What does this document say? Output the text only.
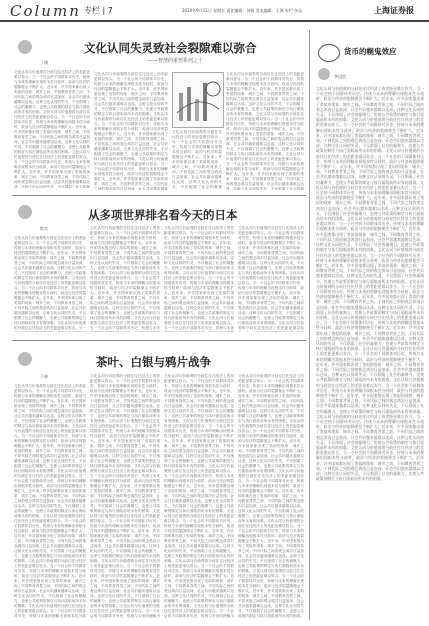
Column 专栏 | 7	2020年9月11日 星期五 责任编辑：刘杨 美术编辑：王鸿 专栏·杂谈	上海证券报
文化认同失灵致社会裂隙难以弥合
——智慧的重塑系列之十
丁刚
文化认同与价值观的分歧往往比经济上的差距更难以弥合。当一个社会的不同群体对历史、传统与未来的理解出现根本性分歧时，政治与经济的裂隙便会不断扩大。近年来，许多国家都出现了类似的现象：城乡之间、不同教育背景之间、不同代际之间的观念鸿沟日益加深，社会共识越来越难以达成。这种文化认同的失灵，不仅削弱了社会的凝聚力，也使公共政策的制定与执行面临前所未有的困难。文化认同与价值观的分歧往往比经济上的差距更难以弥合。当一个社会的不同群体对历史、传统与未来的理解出现根本性分歧时，政治与经济的裂隙便会不断扩大。近年来，许多国家都出现了类似的现象：城乡之间、不同教育背景之间、不同代际之间的观念鸿沟日益加深，社会共识越来越难以达成。这种文化认同的失灵，不仅削弱了社会的凝聚力，也使公共政策的制定与执行面临前所未有的困难。文化认同与价值观的分歧往往比经济上的差距更难以弥合。当一个社会的不同群体对历史、传统与未来的理解出现根本性分歧时，政治与经济的裂隙便会不断扩大。近年来，许多国家都出现了类似的现象：城乡之间、不同教育背景之间、不同代际之间的观念鸿沟日益加深，社会共识越来越难以达成。这种文化认同的失灵，不仅削弱了社会的凝
文化认同与价值观的分歧往往比经济上的差距更难以弥合。当一个社会的不同群体对历史、传统与未来的理解出现根本性分歧时，政治与经济的裂隙便会不断扩大。近年来，许多国家都出现了类似的现象：城乡之间、不同教育背景之间、不同代际之间的观念鸿沟日益加深，社会共识越来越难以达成。这种文化认同的失灵，不仅削弱了社会的凝聚力，也使公共政策的制定与执行面临前所未有的困难。文化认同与价值观的分歧往往比经济上的差距更难以弥合。当一个社会的不同群体对历史、传统与未来的理解出现根本性分歧时，政治与经济的裂隙便会不断扩大。近年来，许多国家都出现了类似的现象：城乡之间、不同教育背景之间、不同代际之间的观念鸿沟日益加深，社会共识越来越难以达成。这种文化认同的失灵，不仅削弱了社会的凝聚力，也使公共政策的制定与执行面临前所未有的困难。文化认同与价值观的分歧往往比经济上的差距更难以弥合。当一个社会的不同群体对历史、传统与未来的理解出现根本性分歧时，政治与经济的裂隙便会不断扩大。近年来，许多国家都出现了类似的现象：城乡之间、不同教育背景之间、不同代际之间的观念鸿沟日益加深，社会共识越来越难
文化认同与价值观的分歧往往比经济上的差距更难以弥合。当一个社会的不同群体对历史、传统与未来的理解出现根本性分歧时，政治与经济的裂隙便会不断扩大。近年来，许多国家都出现了类似的现象：城乡之间、不同教育背景之间、不同代际之间的观念鸿沟日益加深，社会共识越来越难以达成。这种文化认同的失灵，不仅削弱了社会的凝聚
文化认同与价值观的分歧往往比经济上的差距更难以弥合。当一个社会的不同群体对历史、传统与未来的理解出现根本性分歧时，政治与经济的裂隙便会不断扩大。近年来，许多国家都出现了类似的现象：城乡之间、不同教育背景之间、不同代际之间的观念鸿沟日益加深，社会共识越来越难以达成。这种文化认同的失灵，不仅削弱了社会的凝聚力，也使公共政策的制定与执行面临前所未有的困难。文化认同与价值观的分歧往往比经济上的差距更难以弥合。当一个社会的不同群体对历史、传统与未来的理解出现根本性分歧时，政治与经济的裂隙便会不断扩大。近年来，许多国家都出现了类似的现象：城乡之间、不同教育背景之间、不同代际之间的观念鸿沟日益加深，社会共识越来越难以达成。这种文化认同的失灵，不仅削弱了社会的凝聚力，也使公共政策的制定与执行面临前所未有的困难。文化认同与价值观的分歧往往比经济上的差距更难以弥合。当一个社会的不同群体对历史、传统与未来的理解出现根本性分歧时，政治与经济的裂隙便会不断扩大。近年来，许多国家都出现了类似的现象：城乡之间、不同教育背景之间、不同代际之间的观念鸿沟日益加深，社会共识越来越难以达成。这种文化认同的失灵，不仅削弱了社会的凝
从多项世界排名看今天的日本
程实
文化认同与价值观的分歧往往比经济上的差距更难以弥合。当一个社会的不同群体对历史、传统与未来的理解出现根本性分歧时，政治与经济的裂隙便会不断扩大。近年来，许多国家都出现了类似的现象：城乡之间、不同教育背景之间、不同代际之间的观念鸿沟日益加深，社会共识越来越难以达成。这种文化认同的失灵，不仅削弱了社会的凝聚力，也使公共政策的制定与执行面临前所未有的困难。文化认同与价值观的分歧往往比经济上的差距更难以弥合。当一个社会的不同群体对历史、传统与未来的理解出现根本性分歧时，政治与经济的裂隙便会不断扩大。近年来，许多国家都出现了类似的现象：城乡之间、不同教育背景之间、不同代际之间的观念鸿沟日益加深，社会共识越来越难以达成。这种文化认同的失灵，不仅削弱了社会的凝聚力，也使公共政策的制定与执行面临前所未有的困难。文化认同与价值观的分歧往往比经济上的差距更难以弥合。当一
文化认同与价值观的分歧往往比经济上的差距更难以弥合。当一个社会的不同群体对历史、传统与未来的理解出现根本性分歧时，政治与经济的裂隙便会不断扩大。近年来，许多国家都出现了类似的现象：城乡之间、不同教育背景之间、不同代际之间的观念鸿沟日益加深，社会共识越来越难以达成。这种文化认同的失灵，不仅削弱了社会的凝聚力，也使公共政策的制定与执行面临前所未有的困难。文化认同与价值观的分歧往往比经济上的差距更难以弥合。当一个社会的不同群体对历史、传统与未来的理解出现根本性分歧时，政治与经济的裂隙便会不断扩大。近年来，许多国家都出现了类似的现象：城乡之间、不同教育背景之间、不同代际之间的观念鸿沟日益加深，社会共识越来越难以达成。这种文化认同的失灵，不仅削弱了社会的凝聚力，也使公共政策的制定与执行面临前所未有的困难。文化认同与价值观的分歧往往比经济上的差距更难以弥合。当一个社会的不同群体对历史、传统与未来
文化认同与价值观的分歧往往比经济上的差距更难以弥合。当一个社会的不同群体对历史、传统与未来的理解出现根本性分歧时，政治与经济的裂隙便会不断扩大。近年来，许多国家都出现了类似的现象：城乡之间、不同教育背景之间、不同代际之间的观念鸿沟日益加深，社会共识越来越难以达成。这种文化认同的失灵，不仅削弱了社会的凝聚力，也使公共政策的制定与执行面临前所未有的困难。文化认同与价值观的分歧往往比经济上的差距更难以弥合。当一个社会的不同群体对历史、传统与未来的理解出现根本性分歧时，政治与经济的裂隙便会不断扩大。近年来，许多国家都出现了类似的现象：城乡之间、不同教育背景之间、不同代际之间的观念鸿沟日益加深，社会共识越来越难以达成。这种文化认同的失灵，不仅削弱了社会的凝聚力，也使公共政策的制定与执行面临前所未有的困难。文化认同与价值观的分歧往往比经济上的差距更难以弥合。当一个社会的不同群体对历史、传统与未来
文化认同与价值观的分歧往往比经济上的差距更难以弥合。当一个社会的不同群体对历史、传统与未来的理解出现根本性分歧时，政治与经济的裂隙便会不断扩大。近年来，许多国家都出现了类似的现象：城乡之间、不同教育背景之间、不同代际之间的观念鸿沟日益加深，社会共识越来越难以达成。这种文化认同的失灵，不仅削弱了社会的凝聚力，也使公共政策的制定与执行面临前所未有的困难。文化认同与价值观的分歧往往比经济上的差距更难以弥合。当一个社会的不同群体对历史、传统与未来的理解出现根本性分歧时，政治与经济的裂隙便会不断扩大。近年来，许多国家都出现了类似的现象：城乡之间、不同教育背景之间、不同代际之间的观念鸿沟日益加深，社会共识越来越难以达成。这种文化认同的失灵，不仅削弱了社会的凝聚力，也使公共政策的制定与执行面临前所未有的困难。文化认同与价值观的分歧往往比经济上的差距更难以弥
茶叶、白银与鸦片战争
丁林
文化认同与价值观的分歧往往比经济上的差距更难以弥合。当一个社会的不同群体对历史、传统与未来的理解出现根本性分歧时，政治与经济的裂隙便会不断扩大。近年来，许多国家都出现了类似的现象：城乡之间、不同教育背景之间、不同代际之间的观念鸿沟日益加深，社会共识越来越难以达成。这种文化认同的失灵，不仅削弱了社会的凝聚力，也使公共政策的制定与执行面临前所未有的困难。文化认同与价值观的分歧往往比经济上的差距更难以弥合。当一个社会的不同群体对历史、传统与未来的理解出现根本性分歧时，政治与经济的裂隙便会不断扩大。近年来，许多国家都出现了类似的现象：城乡之间、不同教育背景之间、不同代际之间的观念鸿沟日益加深，社会共识越来越难以达成。这种文化认同的失灵，不仅削弱了社会的凝聚力，也使公共政策的制定与执行面临前所未有的困难。文化认同与价值观的分歧往往比经济上的差距更难以弥合。当一个社会的不同群体对历史、传统与未来的理解出现根本性分歧时，政治与经济的裂隙便会不断扩大。近年来，许多国家都出现了类似的现象：城乡之间、不同教育背景之间、不同代际之间的观念鸿沟日益加深，社会共识越来越难以达成。这种文化认同的失灵，不仅削弱了社会的凝聚力，也使公共政策的制定与执行面临前所未有的困难。文化认同与价值观的分歧往往比经济上的差距更难以弥合。当一个社会的不同群体对历史、传统与未来的理解出现根本性分歧时，政治与经济的裂隙便会不断扩大。近年来，许多国家都出现了类似的现象：城乡之间、不同教育背景之间、不同代际之间的观念鸿沟日益加深，社会共识越来越难以达成。这种文化认同的失灵，不仅削弱了社会的凝聚力，也使公共政策的制定与执行面临前所未有的困难。文化认同与价值观的分歧往往比经济上的差距更难以弥合。当一个社会的不同群体对历史、传统与未来的理解出现根本性分歧时，政治与经济的裂隙便会不断扩大。近年来，许多国家都出现了类似的现象：城乡之间、不同教育背景之间、不同代际之间的观念鸿沟日益加深，社会共识越来越难以达成。这种文化认同的失灵，不仅削弱了社会的凝聚力，也使公共政策的制定与执行面临前所未有的困难。文化认同与价值观的分歧往往比经济上的差距更难以弥合。当一个社会的不同群体对历史、传统与未来的理解出现根本性分歧
文化认同与价值观的分歧往往比经济上的差距更难以弥合。当一个社会的不同群体对历史、传统与未来的理解出现根本性分歧时，政治与经济的裂隙便会不断扩大。近年来，许多国家都出现了类似的现象：城乡之间、不同教育背景之间、不同代际之间的观念鸿沟日益加深，社会共识越来越难以达成。这种文化认同的失灵，不仅削弱了社会的凝聚力，也使公共政策的制定与执行面临前所未有的困难。文化认同与价值观的分歧往往比经济上的差距更难以弥合。当一个社会的不同群体对历史、传统与未来的理解出现根本性分歧时，政治与经济的裂隙便会不断扩大。近年来，许多国家都出现了类似的现象：城乡之间、不同教育背景之间、不同代际之间的观念鸿沟日益加深，社会共识越来越难以达成。这种文化认同的失灵，不仅削弱了社会的凝聚力，也使公共政策的制定与执行面临前所未有的困难。文化认同与价值观的分歧往往比经济上的差距更难以弥合。当一个社会的不同群体对历史、传统与未来的理解出现根本性分歧时，政治与经济的裂隙便会不断扩大。近年来，许多国家都出现了类似的现象：城乡之间、不同教育背景之间、不同代际之间的观念鸿沟日益加深，社会共识越来越难以达成。这种文化认同的失灵，不仅削弱了社会的凝聚力，也使公共政策的制定与执行面临前所未有的困难。文化认同与价值观的分歧往往比经济上的差距更难以弥合。当一个社会的不同群体对历史、传统与未来的理解出现根本性分歧时，政治与经济的裂隙便会不断扩大。近年来，许多国家都出现了类似的现象：城乡之间、不同教育背景之间、不同代际之间的观念鸿沟日益加深，社会共识越来越难以达成。这种文化认同的失灵，不仅削弱了社会的凝聚力，也使公共政策的制定与执行面临前所未有的困难。文化认同与价值观的分歧往往比经济上的差距更难以弥合。当一个社会的不同群体对历史、传统与未来的理解出现根本性分歧时，政治与经济的裂隙便会不断扩大。近年来，许多国家都出现了类似的现象：城乡之间、不同教育背景之间、不同代际之间的观念鸿沟日益加深，社会共识越来越难以达成。这种文化认同的失灵，不仅削弱了社会的凝聚力，也使公共政策的制定与执行面临前所未有的困难。文化认同与价值观的分歧往往比经济上的差距更难以弥合。当一个社会的不同群体对历史、传统与未来的理解出
文化认同与价值观的分歧往往比经济上的差距更难以弥合。当一个社会的不同群体对历史、传统与未来的理解出现根本性分歧时，政治与经济的裂隙便会不断扩大。近年来，许多国家都出现了类似的现象：城乡之间、不同教育背景之间、不同代际之间的观念鸿沟日益加深，社会共识越来越难以达成。这种文化认同的失灵，不仅削弱了社会的凝聚力，也使公共政策的制定与执行面临前所未有的困难。文化认同与价值观的分歧往往比经济上的差距更难以弥合。当一个社会的不同群体对历史、传统与未来的理解出现根本性分歧时，政治与经济的裂隙便会不断扩大。近年来，许多国家都出现了类似的现象：城乡之间、不同教育背景之间、不同代际之间的观念鸿沟日益加深，社会共识越来越难以达成。这种文化认同的失灵，不仅削弱了社会的凝聚力，也使公共政策的制定与执行面临前所未有的困难。文化认同与价值观的分歧往往比经济上的差距更难以弥合。当一个社会的不同群体对历史、传统与未来的理解出现根本性分歧时，政治与经济的裂隙便会不断扩大。近年来，许多国家都出现了类似的现象：城乡之间、不同教育背景之间、不同代际之间的观念鸿沟日益加深，社会共识越来越难以达成。这种文化认同的失灵，不仅削弱了社会的凝聚力，也使公共政策的制定与执行面临前所未有的困难。文化认同与价值观的分歧往往比经济上的差距更难以弥合。当一个社会的不同群体对历史、传统与未来的理解出现根本性分歧时，政治与经济的裂隙便会不断扩大。近年来，许多国家都出现了类似的现象：城乡之间、不同教育背景之间、不同代际之间的观念鸿沟日益加深，社会共识越来越难以达成。这种文化认同的失灵，不仅削弱了社会的凝聚力，也使公共政策的制定与执行面临前所未有的困难。文化认同与价值观的分歧往往比经济上的差距更难以弥合。当一个社会的不同群体对历史、传统与未来的理解出现根本性分歧时，政治与经济的裂隙便会不断扩大。近年来，许多国家都出现了类似的现象：城乡之间、不同教育背景之间、不同代际之间的观念鸿沟日益加深，社会共识越来越难以达成。这种文化认同的失灵，不仅削弱了社会的凝聚力，也使公共政策的制定与执行面临前所未有的困难。文化认同与价值观的分歧往往比经济上的差距更难以弥合。当一个社会的不同群体对历史、传统与未来的理解出
文化认同与价值观的分歧往往比经济上的差距更难以弥合。当一个社会的不同群体对历史、传统与未来的理解出现根本性分歧时，政治与经济的裂隙便会不断扩大。近年来，许多国家都出现了类似的现象：城乡之间、不同教育背景之间、不同代际之间的观念鸿沟日益加深，社会共识越来越难以达成。这种文化认同的失灵，不仅削弱了社会的凝聚力，也使公共政策的制定与执行面临前所未有的困难。文化认同与价值观的分歧往往比经济上的差距更难以弥合。当一个社会的不同群体对历史、传统与未来的理解出现根本性分歧时，政治与经济的裂隙便会不断扩大。近年来，许多国家都出现了类似的现象：城乡之间、不同教育背景之间、不同代际之间的观念鸿沟日益加深，社会共识越来越难以达成。这种文化认同的失灵，不仅削弱了社会的凝聚力，也使公共政策的制定与执行面临前所未有的困难。文化认同与价值观的分歧往往比经济上的差距更难以弥合。当一个社会的不同群体对历史、传统与未来的理解出现根本性分歧时，政治与经济的裂隙便会不断扩大。近年来，许多国家都出现了类似的现象：城乡之间、不同教育背景之间、不同代际之间的观念鸿沟日益加深，社会共识越来越难以达成。这种文化认同的失灵，不仅削弱了社会的凝聚力，也使公共政策的制定与执行面临前所未有的困难。文化认同与价值观的分歧往往比经济上的差距更难以弥合。当一个社会的不同群体对历史、传统与未来的理解出现根本性分歧时，政治与经济的裂隙便会不断扩大。近年来，许多国家都出现了类似的现象：城乡之间、不同教育背景之间、不同代际之间的观念鸿沟日益加深，社会共识越来越难以达成。这种文化认同的失灵，不仅削弱了社会的凝聚力，也使公共政策的制定与执行面临前所未有的困难。文化认同与价值观的分歧往往比经济上的差距更难以弥合。当一个社会的不同群体对历史、传统与未来的理解出现根本性分歧时，政治与经济的裂隙便会不断扩大。近年来，许多国家都出现了类似的现象：城乡之间、不同教育背景之间、不同代际之间的观念鸿沟日益加深，社会共识越来越难以达成。这种文化认同的失灵，不仅削弱了社会的凝聚力，也使公共政策的制定与执行面临前所未有的困难。
货币的幌鬼效应
李迅雷
文化认同与价值观的分歧往往比经济上的差距更难以弥合。当一个社会的不同群体对历史、传统与未来的理解出现根本性分歧时，政治与经济的裂隙便会不断扩大。近年来，许多国家都出现了类似的现象：城乡之间、不同教育背景之间、不同代际之间的观念鸿沟日益加深，社会共识越来越难以达成。这种文化认同的失灵，不仅削弱了社会的凝聚力，也使公共政策的制定与执行面临前所未有的困难。文化认同与价值观的分歧往往比经济上的差距更难以弥合。当一个社会的不同群体对历史、传统与未来的理解出现根本性分歧时，政治与经济的裂隙便会不断扩大。近年来，许多国家都出现了类似的现象：城乡之间、不同教育背景之间、不同代际之间的观念鸿沟日益加深，社会共识越来越难以达成。这种文化认同的失灵，不仅削弱了社会的凝聚力，也使公共政策的制定与执行面临前所未有的困难。文化认同与价值观的分歧往往比经济上的差距更难以弥合。当一个社会的不同群体对历史、传统与未来的理解出现根本性分歧时，政治与经济的裂隙便会不断扩大。近年来，许多国家都出现了类似的现象：城乡之间、不同教育背景之间、不同代际之间的观念鸿沟日益加深，社会共识越来越难以达成。这种文化认同的失灵，不仅削弱了社会的凝聚力，也使公共政策的制定与执行面临前所未有的困难。文化认同与价值观的分歧往往比经济上的差距更难以弥合。当一个社会的不同群体对历史、传统与未来的理解出现根本性分歧时，政治与经济的裂隙便会不断扩大。近年来，许多国家都出现了类似的现象：城乡之间、不同教育背景之间、不同代际之间的观念鸿沟日益加深，社会共识越来越难以达成。这种文化认同的失灵，不仅削弱了社会的凝聚力，也使公共政策的制定与执行面临前所未有的困难。文化认同与价值观的分歧往往比经济上的差距更难以弥合。当一个社会的不同群体对历史、传统与未来的理解出现根本性分歧时，政治与经济的裂隙便会不断扩大。近年来，许多国家都出现了类似的现象：城乡之间、不同教育背景之间、不同代际之间的观念鸿沟日益加深，社会共识越来越难以达成。这种文化认同的失灵，不仅削弱了社会的凝聚力，也使公共政策的制定与执行面临前所未有的困难。文化认同与价值观的分歧往往比经济上的差距更难以弥合。当一个社会的不同群体对历史、传统与未来的理解出现根本性分歧时，政治与经济的裂隙便会不断扩大。近年来，许多国家都出现了类似的现象：城乡之间、不同教育背景之间、不同代际之间的观念鸿沟日益加深，社会共识越来越难以达成。这种文化认同的失灵，不仅削弱了社会的凝聚力，也使公共政策的制定与执行面临前所未有的困难。文化认同与价值观的分歧往往比经济上的差距更难以弥合。当一个社会的不同群体对历史、传统与未来的理解出现根本性分歧时，政治与经济的裂隙便会不断扩大。近年来，许多国家都出现了类似的现象：城乡之间、不同教育背景之间、不同代际之间的观念鸿沟日益加深，社会共识越来越难以达成。这种文化认同的失灵，不仅削弱了社会的凝聚力，也使公共政策的制定与执行面临前所未有的困难。文化认同与价值观的分歧往往比经济上的差距更难以弥合。当一个社会的不同群体对历史、传统与未来的理解出现根本性分歧时，政治与经济的裂隙便会不断扩大。近年来，许多国家都出现了类似的现象：城乡之间、不同教育背景之间、不同代际之间的观念鸿沟日益加深，社会共识越来越难以达成。这种文化认同的失灵，不仅削弱了社会的凝聚力，也使公共政策的制定与执行面临前所未有的困难。文化认同与价值观的分歧往往比经济上的差距更难以弥合。当一个社会的不同群体对历史、传统与未来的理解出现根本性分歧时，政治与经济的裂隙便会不断扩大。近年来，许多国家都出现了类似的现象：城乡之间、不同教育背景之间、不同代际之间的观念鸿沟日益加深，社会共识越来越难以达成。这种文化认同的失灵，不仅削弱了社会的凝聚力，也使公共政策的制定与执行面临前所未有的困难。文化认同与价值观的分歧往往比经济上的差距更难以弥合。当一个社会的不同群体对历史、传统与未来的理解出现根本性分歧时，政治与经济的裂隙便会不断扩大。近年来，许多国家都出现了类似的现象：城乡之间、不同教育背景之间、不同代际之间的观念鸿沟日益加深，社会共识越来越难以达成。这种文化认同的失灵，不仅削弱了社会的凝聚力，也使公共政策的制定与执行面临前所未有的困难。文化认同与价值观的分歧往往比经济上的差距更难以弥合。当一个社会的不同群体对历史、传统与未来的理解出现根本性分歧时，政治与经济的裂隙便会不断扩大。近年来，许多国家都出现了类似的现象：城乡之间、不同教育背景之间、不同代际之间的观念鸿沟日益加深，社会共识越来越难以达成。这种文化认同的失灵，不仅削弱了社会的凝聚力，也使公共政策的制定与执行面临前所未有的困难。文化认同与价值观的分歧往往比经济上的差距更难以弥合。当一个社会的不同群体对历史、传统与未来的理解出现根本性分歧时，政治与经济的裂隙便会不断扩大。近年来，许多国家都出现了类似的现象：城乡之间、不同教育背景之间、不同代际之间的观念鸿沟日益加深，社会共识越来越难以达成。这种文化认同的失灵，不仅削弱了社会的凝聚力，也使公共政策的制定与执行面临前所未有的困难。
